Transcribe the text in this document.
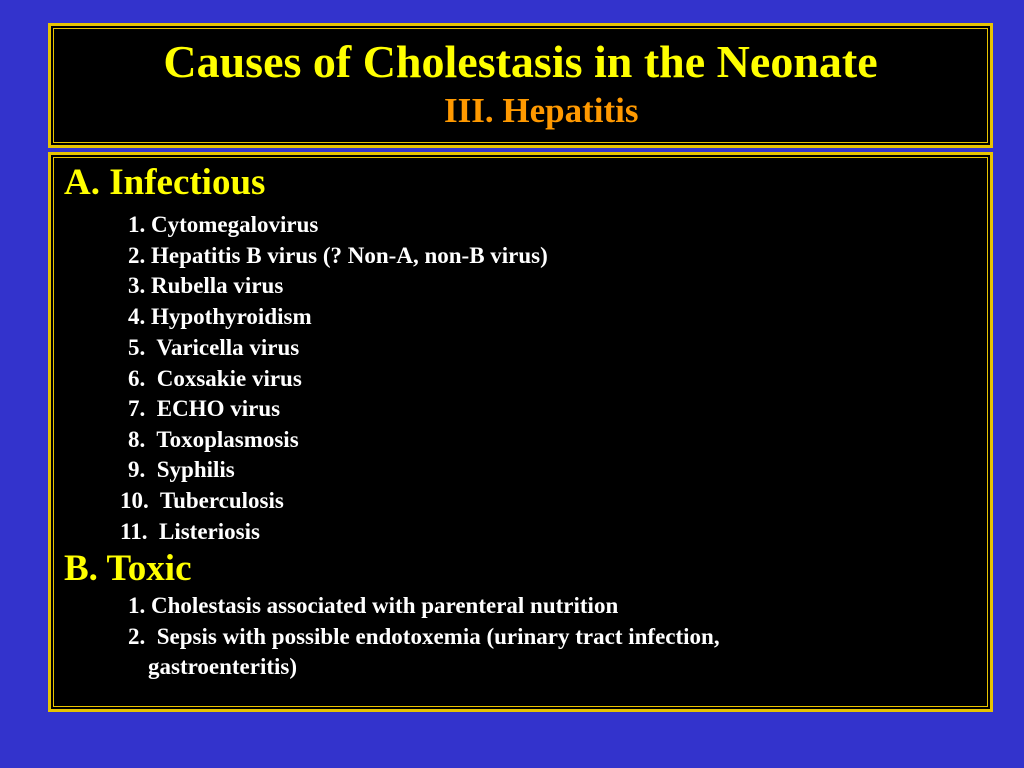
Causes of Cholestasis in the Neonate
III. Hepatitis
A. Infectious
1. Cytomegalovirus
2. Hepatitis B virus (? Non-A, non-B virus)
3. Rubella virus
4. Hypothyroidism
5.  Varicella virus
6.  Coxsakie virus
7.  ECHO virus
8.  Toxoplasmosis
9.  Syphilis
10.  Tuberculosis
11.  Listeriosis
B. Toxic
1. Cholestasis associated with parenteral nutrition
2.  Sepsis with possible endotoxemia (urinary tract infection,
gastroenteritis)
